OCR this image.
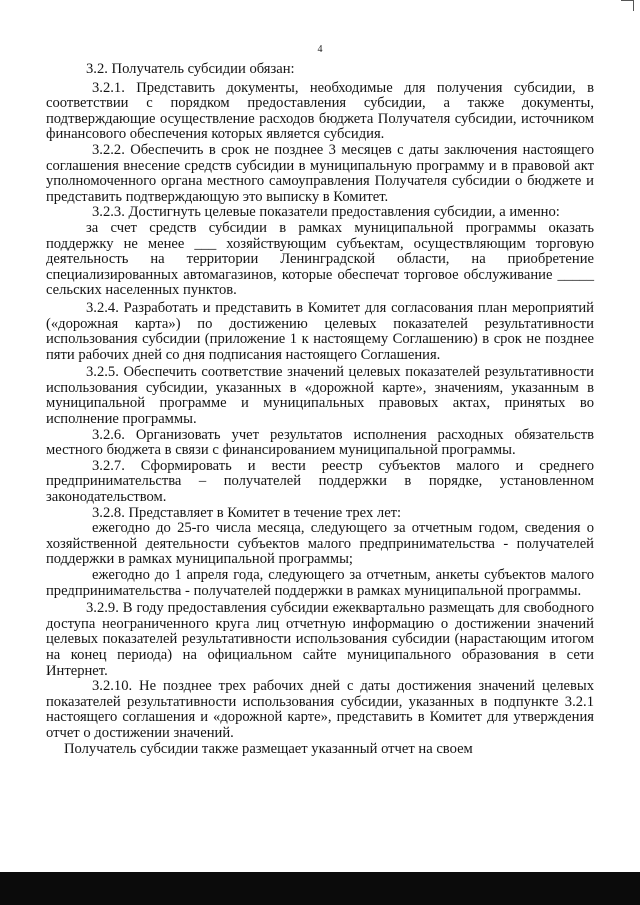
4

3.2. Получатель субсидии обязан:

3.2.1. Представить документы, необходимые для получения субсидии, в соответствии с порядком предоставления субсидии, а также документы, подтверждающие осуществление расходов бюджета Получателя субсидии, источником финансового обеспечения которых является субсидия.

3.2.2. Обеспечить в срок не позднее 3 месяцев с даты заключения настоящего соглашения внесение средств субсидии в муниципальную программу и в правовой акт уполномоченного органа местного самоуправления Получателя субсидии о бюджете и представить подтверждающую это выписку в Комитет.

3.2.3. Достигнуть целевые показатели предоставления субсидии, а именно:

за счет средств субсидии в рамках муниципальной программы оказать поддержку не менее ___ хозяйствующим субъектам, осуществляющим торговую деятельность на территории Ленинградской области, на приобретение специализированных автомагазинов, которые обеспечат торговое обслуживание _____ сельских населенных пунктов.

3.2.4. Разработать и представить в Комитет для согласования план мероприятий («дорожная карта») по достижению целевых показателей результативности использования субсидии (приложение 1 к настоящему Соглашению) в срок не позднее пяти рабочих дней со дня подписания настоящего Соглашения.

3.2.5. Обеспечить соответствие значений целевых показателей результативности использования субсидии, указанных в «дорожной карте», значениям, указанным в муниципальной программе и муниципальных правовых актах, принятых во исполнение программы.

3.2.6. Организовать учет результатов исполнения расходных обязательств местного бюджета в связи с финансированием муниципальной программы.

3.2.7. Сформировать и вести реестр субъектов малого и среднего предпринимательства – получателей поддержки в порядке, установленном законодательством.

3.2.8. Представляет в Комитет в течение трех лет:

ежегодно до 25-го числа месяца, следующего за отчетным годом, сведения о хозяйственной деятельности субъектов малого предпринимательства - получателей поддержки в рамках муниципальной программы;

ежегодно до 1 апреля года, следующего за отчетным, анкеты субъектов малого предпринимательства - получателей поддержки в рамках муниципальной программы.

3.2.9. В году предоставления субсидии ежеквартально размещать для свободного доступа неограниченного круга лиц отчетную информацию о достижении значений целевых показателей результативности использования субсидии (нарастающим итогом на конец периода) на официальном сайте муниципального образования в сети Интернет.

3.2.10. Не позднее трех рабочих дней с даты достижения значений целевых показателей результативности использования субсидии, указанных в подпункте 3.2.1 настоящего соглашения и «дорожной карте», представить в Комитет для утверждения отчет о достижении значений.

Получатель субсидии также размещает указанный отчет на своем
